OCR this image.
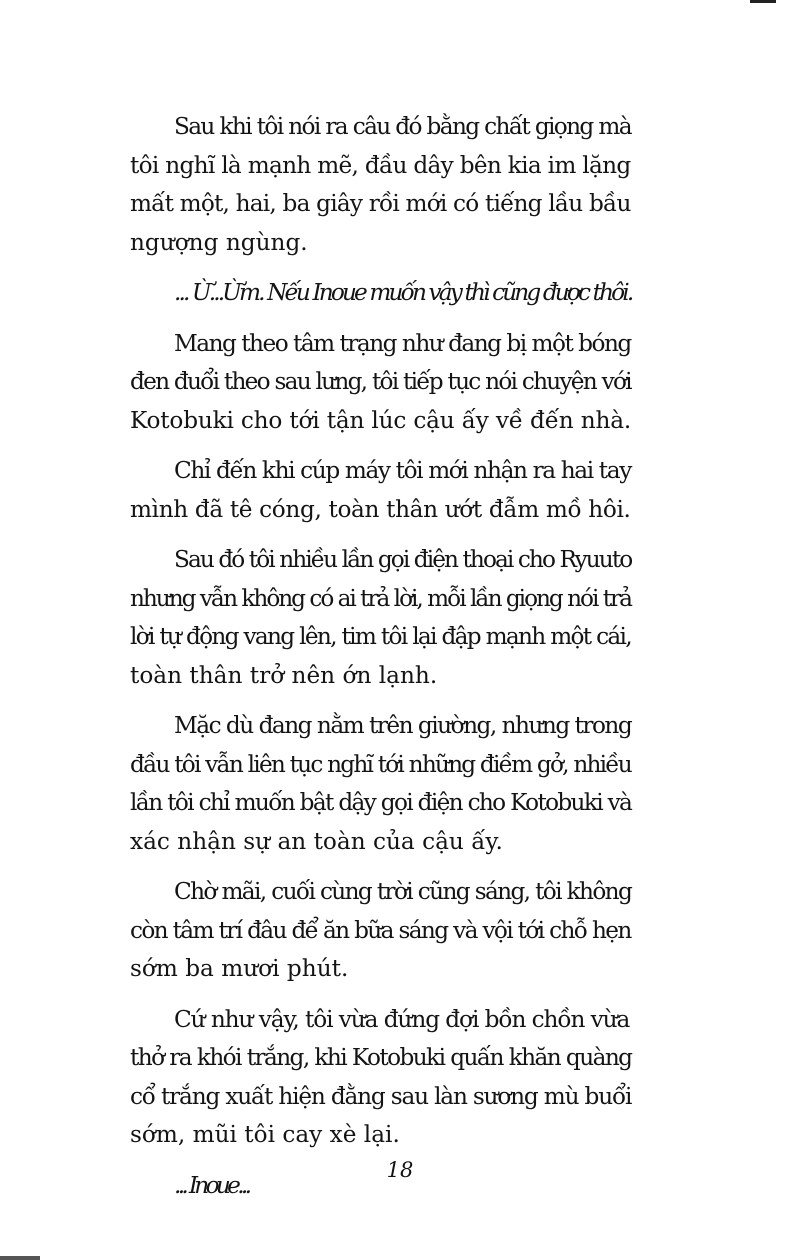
Sau khi tôi nói ra câu đó bằng chất giọng mà
tôi nghĩ là mạnh mẽ, đầu dây bên kia im lặng
mất một, hai, ba giây rồi mới có tiếng lầu bầu
ngượng ngùng.

... Ừ...Ừm. Nếu Inoue muốn vậy thì cũng được thôi.

Mang theo tâm trạng như đang bị một bóng
đen đuổi theo sau lưng, tôi tiếp tục nói chuyện với
Kotobuki cho tới tận lúc cậu ấy về đến nhà.

Chỉ đến khi cúp máy tôi mới nhận ra hai tay
mình đã tê cóng, toàn thân ướt đẫm mồ hôi.

Sau đó tôi nhiều lần gọi điện thoại cho Ryuuto
nhưng vẫn không có ai trả lời, mỗi lần giọng nói trả
lời tự động vang lên, tim tôi lại đập mạnh một cái,
toàn thân trở nên ớn lạnh.

Mặc dù đang nằm trên giường, nhưng trong
đầu tôi vẫn liên tục nghĩ tới những điềm gở, nhiều
lần tôi chỉ muốn bật dậy gọi điện cho Kotobuki và
xác nhận sự an toàn của cậu ấy.

Chờ mãi, cuối cùng trời cũng sáng, tôi không
còn tâm trí đâu để ăn bữa sáng và vội tới chỗ hẹn
sớm ba mươi phút.

Cứ như vậy, tôi vừa đứng đợi bồn chồn vừa
thở ra khói trắng, khi Kotobuki quấn khăn quàng
cổ trắng xuất hiện đằng sau làn sương mù buổi
sớm, mũi tôi cay xè lại.

... Inoue...

18
